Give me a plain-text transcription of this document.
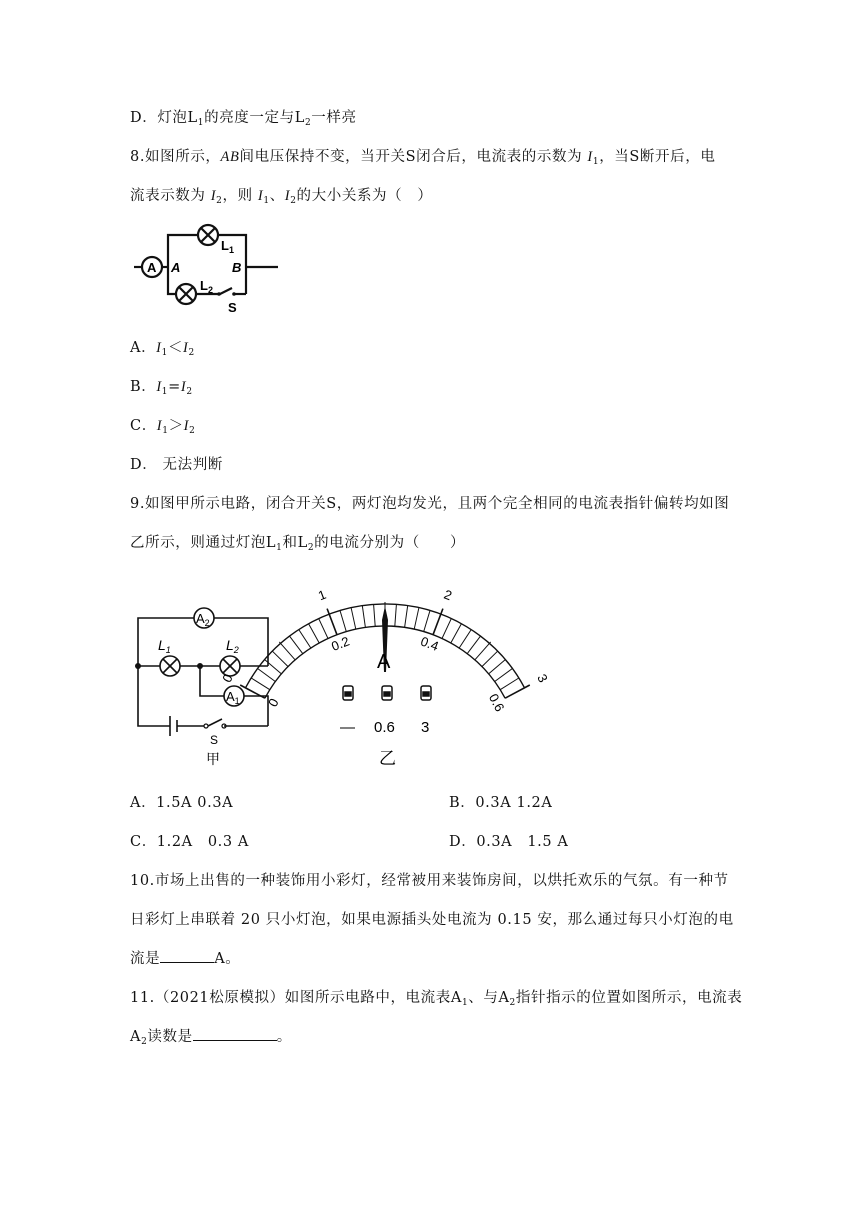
D．灯泡$L_1$的亮度一定与$L_2$一样亮
8.如图所示，AB间电压保持不变，当开关S闭合后，电流表的示数为 $I_1$，当S断开后，电
流表示数为 $I_2$，则 $I_1$、$I_2$的大小关系为（　）
A A	B
$L_1$
$L_2$
S
A．$I_1<I_2$
B．$I_1=I_2$
C．$I_1>I_2$
D． 无法判断
9.如图甲所示电路，闭合开关S，两灯泡均发光，且两个完全相同的电流表指针偏转均如图
乙所示，则通过灯泡$L_1$和$L_2$的电流分别为（　　）
$A_2$
$A_1$
$L_1$	$L_2$
S
甲
0
1	2
3
0
0.2	0.4
0.6
A
— 0.6 3
乙
A．1.5A 0.3A	B．0.3A 1.2A
C．1.2A　0.3 A	D．0.3A　1.5 A
10.市场上出售的一种装饰用小彩灯，经常被用来装饰房间，以烘托欢乐的气氛。有一种节
日彩灯上串联着 20 只小灯泡，如果电源插头处电流为 0.15 安，那么通过每只小灯泡的电
流是	A。
11.（2021松原模拟）如图所示电路中，电流表$A_1$、与$A_2$指针指示的位置如图所示，电流表
$A_2$读数是	。
